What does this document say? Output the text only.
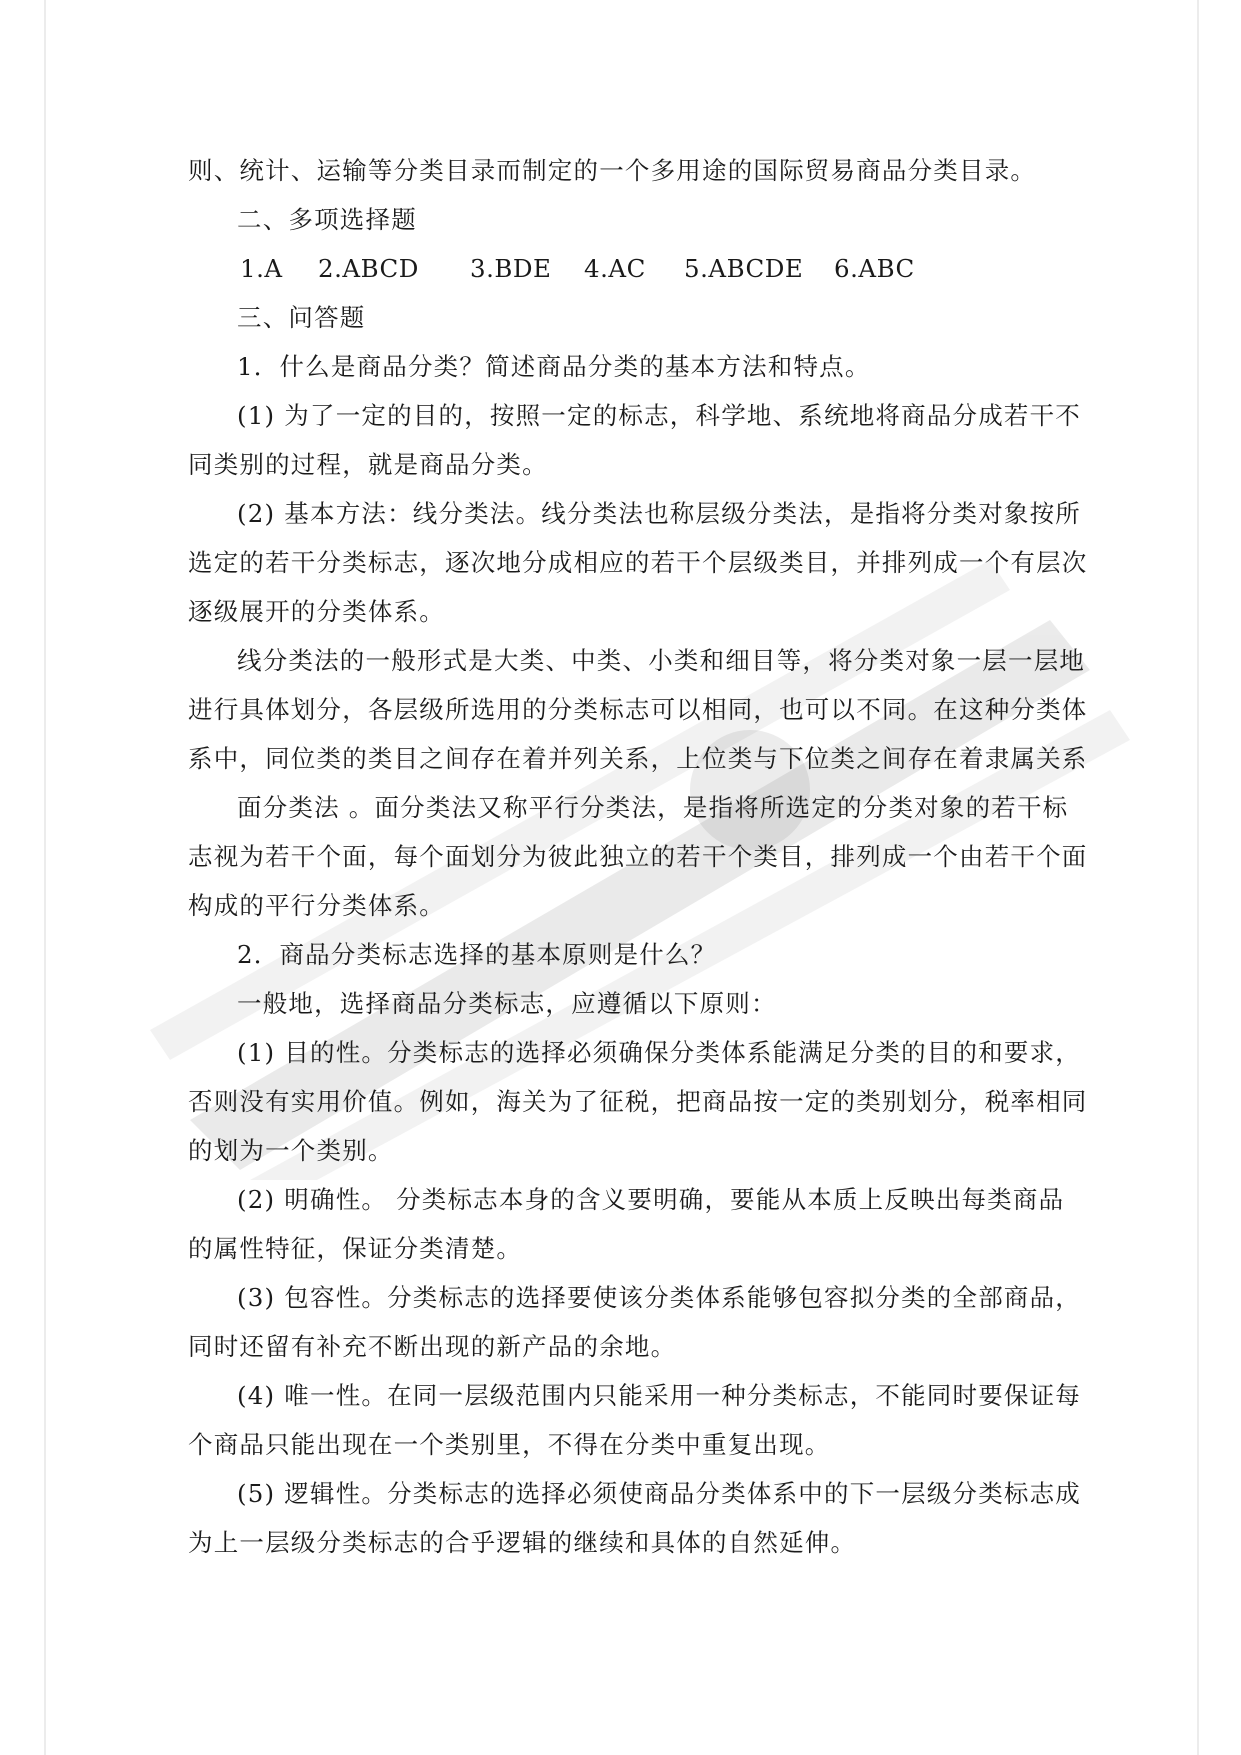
则、统计、运输等分类目录而制定的一个多用途的国际贸易商品分类目录。
二、多项选择题
1.A	2.ABCD	3.BDE	4.AC	5.ABCDE	6.ABC
三、问答题
1．什么是商品分类？简述商品分类的基本方法和特点。
(1) 为了一定的目的，按照一定的标志，科学地、系统地将商品分成若干不
同类别的过程，就是商品分类。
(2) 基本方法：线分类法。线分类法也称层级分类法，是指将分类对象按所
选定的若干分类标志，逐次地分成相应的若干个层级类目，并排列成一个有层次
逐级展开的分类体系。
线分类法的一般形式是大类、中类、小类和细目等，将分类对象一层一层地
进行具体划分，各层级所选用的分类标志可以相同，也可以不同。在这种分类体
系中，同位类的类目之间存在着并列关系，上位类与下位类之间存在着隶属关系
面分类法 。面分类法又称平行分类法，是指将所选定的分类对象的若干标
志视为若干个面，每个面划分为彼此独立的若干个类目，排列成一个由若干个面
构成的平行分类体系。
2．商品分类标志选择的基本原则是什么？
一般地，选择商品分类标志，应遵循以下原则：
(1) 目的性。分类标志的选择必须确保分类体系能满足分类的目的和要求，
否则没有实用价值。例如，海关为了征税，把商品按一定的类别划分，税率相同
的划为一个类别。
(2) 明确性。 分类标志本身的含义要明确，要能从本质上反映出每类商品
的属性特征，保证分类清楚。
(3) 包容性。分类标志的选择要使该分类体系能够包容拟分类的全部商品，
同时还留有补充不断出现的新产品的余地。
(4) 唯一性。在同一层级范围内只能采用一种分类标志，不能同时要保证每
个商品只能出现在一个类别里，不得在分类中重复出现。
(5) 逻辑性。分类标志的选择必须使商品分类体系中的下一层级分类标志成
为上一层级分类标志的合乎逻辑的继续和具体的自然延伸。
